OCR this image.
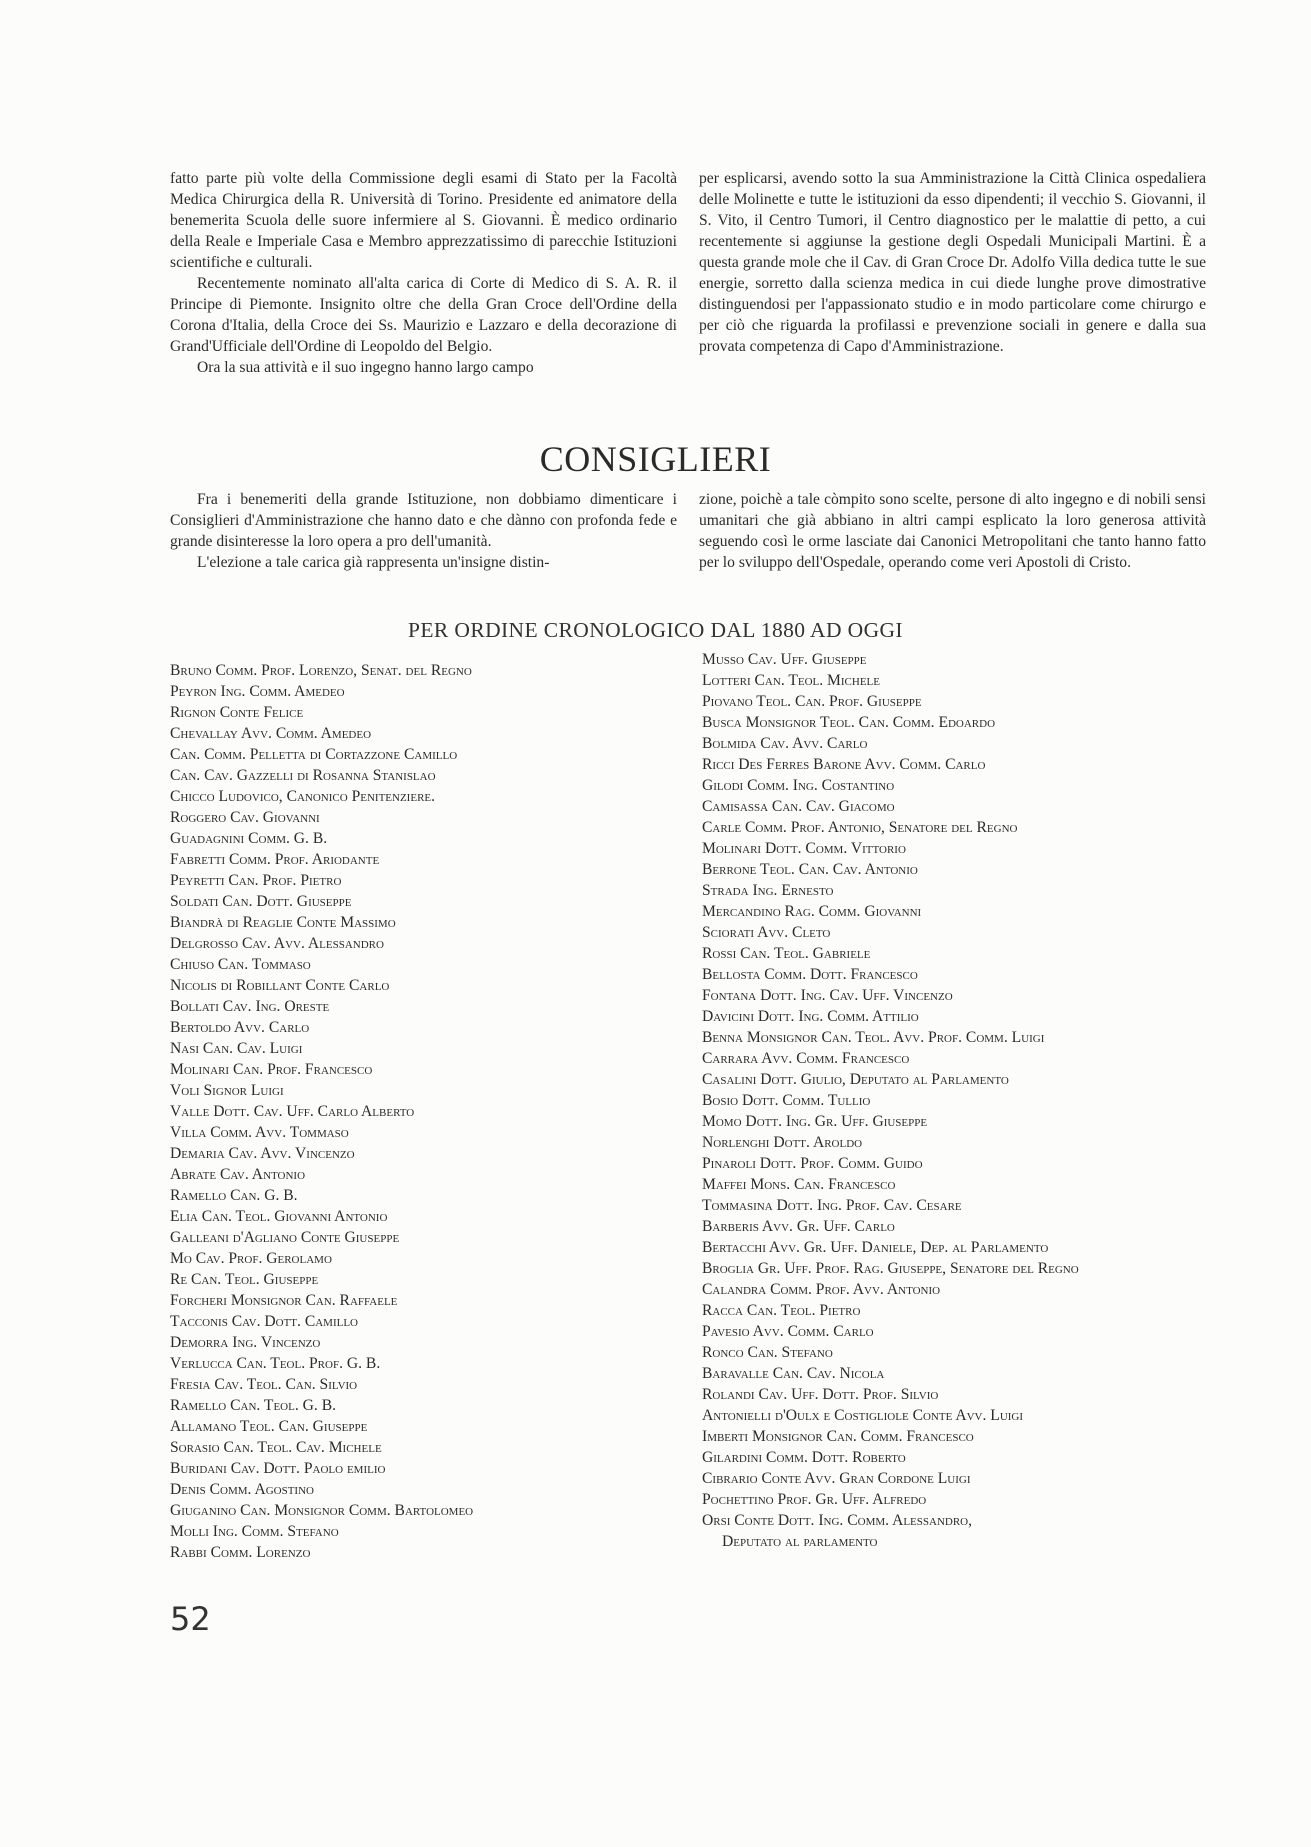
fatto parte più volte della Commissione degli esami di Stato per la Facoltà Medica Chirurgica della R. Università di Torino. Presidente ed animatore della benemerita Scuola delle suore infermiere al S. Giovanni. È medico ordinario della Reale e Imperiale Casa e Membro apprezzatissimo di parecchie Istituzioni scientifiche e culturali.

Recentemente nominato all'alta carica di Corte di Medico di S. A. R. il Principe di Piemonte. Insignito oltre che della Gran Croce dell'Ordine della Corona d'Italia, della Croce dei Ss. Maurizio e Lazzaro e della decorazione di Grand'Ufficiale dell'Ordine di Leopoldo del Belgio.

Ora la sua attività e il suo ingegno hanno largo campo

per esplicarsi, avendo sotto la sua Amministrazione la Città Clinica ospedaliera delle Molinette e tutte le istituzioni da esso dipendenti; il vecchio S. Giovanni, il S. Vito, il Centro Tumori, il Centro diagnostico per le malattie di petto, a cui recentemente si aggiunse la gestione degli Ospedali Municipali Martini. È a questa grande mole che il Cav. di Gran Croce Dr. Adolfo Villa dedica tutte le sue energie, sorretto dalla scienza medica in cui diede lunghe prove dimostrative distinguendosi per l'appassionato studio e in modo particolare come chirurgo e per ciò che riguarda la profilassi e prevenzione sociali in genere e dalla sua provata competenza di Capo d'Amministrazione.

CONSIGLIERI

Fra i benemeriti della grande Istituzione, non dobbiamo dimenticare i Consiglieri d'Amministrazione che hanno dato e che dànno con profonda fede e grande disinteresse la loro opera a pro dell'umanità.

L'elezione a tale carica già rappresenta un'insigne distin-

zione, poichè a tale còmpito sono scelte, persone di alto ingegno e di nobili sensi umanitari che già abbiano in altri campi esplicato la loro generosa attività seguendo così le orme lasciate dai Canonici Metropolitani che tanto hanno fatto per lo sviluppo dell'Ospedale, operando come veri Apostoli di Cristo.

PER ORDINE CRONOLOGICO DAL 1880 AD OGGI
Bruno Comm. Prof. Lorenzo, Senat. del Regno
Peyron Ing. Comm. Amedeo
Rignon Conte Felice
Chevallay Avv. Comm. Amedeo
Can. Comm. Pelletta di Cortazzone Camillo
Can. Cav. Gazzelli di Rosanna Stanislao
Chicco Ludovico, Canonico Penitenziere.
Roggero Cav. Giovanni
Guadagnini Comm. G. B.
Fabretti Comm. Prof. Ariodante
Peyretti Can. Prof. Pietro
Soldati Can. Dott. Giuseppe
Biandrà di Reaglie Conte Massimo
Delgrosso Cav. Avv. Alessandro
Chiuso Can. Tommaso
Nicolis di Robillant Conte Carlo
Bollati Cav. Ing. Oreste
Bertoldo Avv. Carlo
Nasi Can. Cav. Luigi
Molinari Can. Prof. Francesco
Voli Signor Luigi
Valle Dott. Cav. Uff. Carlo Alberto
Villa Comm. Avv. Tommaso
Demaria Cav. Avv. Vincenzo
Abrate Cav. Antonio
Ramello Can. G. B.
Elia Can. Teol. Giovanni Antonio
Galleani d'Agliano Conte Giuseppe
Mo Cav. Prof. Gerolamo
Re Can. Teol. Giuseppe
Forcheri Monsignor Can. Raffaele
Tacconis Cav. Dott. Camillo
Demorra Ing. Vincenzo
Verlucca Can. Teol. Prof. G. B.
Fresia Cav. Teol. Can. Silvio
Ramello Can. Teol. G. B.
Allamano Teol. Can. Giuseppe
Sorasio Can. Teol. Cav. Michele
Buridani Cav. Dott. Paolo emilio
Denis Comm. Agostino
Giuganino Can. Monsignor Comm. Bartolomeo
Molli Ing. Comm. Stefano
Rabbi Comm. Lorenzo
Musso Cav. Uff. Giuseppe
Lotteri Can. Teol. Michele
Piovano Teol. Can. Prof. Giuseppe
Busca Monsignor Teol. Can. Comm. Edoardo
Bolmida Cav. Avv. Carlo
Ricci Des Ferres Barone Avv. Comm. Carlo
Gilodi Comm. Ing. Costantino
Camisassa Can. Cav. Giacomo
Carle Comm. Prof. Antonio, Senatore del Regno
Molinari Dott. Comm. Vittorio
Berrone Teol. Can. Cav. Antonio
Strada Ing. Ernesto
Mercandino Rag. Comm. Giovanni
Sciorati Avv. Cleto
Rossi Can. Teol. Gabriele
Bellosta Comm. Dott. Francesco
Fontana Dott. Ing. Cav. Uff. Vincenzo
Davicini Dott. Ing. Comm. Attilio
Benna Monsignor Can. Teol. Avv. Prof. Comm. Luigi
Carrara Avv. Comm. Francesco
Casalini Dott. Giulio, Deputato al Parlamento
Bosio Dott. Comm. Tullio
Momo Dott. Ing. Gr. Uff. Giuseppe
Norlenghi Dott. Aroldo
Pinaroli Dott. Prof. Comm. Guido
Maffei Mons. Can. Francesco
Tommasina Dott. Ing. Prof. Cav. Cesare
Barberis Avv. Gr. Uff. Carlo
Bertacchi Avv. Gr. Uff. Daniele, Dep. al Parlamento
Broglia Gr. Uff. Prof. Rag. Giuseppe, Senatore del Regno
Calandra Comm. Prof. Avv. Antonio
Racca Can. Teol. Pietro
Pavesio Avv. Comm. Carlo
Ronco Can. Stefano
Baravalle Can. Cav. Nicola
Rolandi Cav. Uff. Dott. Prof. Silvio
Antonielli d'Oulx e Costigliole Conte Avv. Luigi
Imberti Monsignor Can. Comm. Francesco
Gilardini Comm. Dott. Roberto
Cibrario Conte Avv. Gran Cordone Luigi
Pochettino Prof. Gr. Uff. Alfredo
Orsi Conte Dott. Ing. Comm. Alessandro,
Deputato al parlamento
52
